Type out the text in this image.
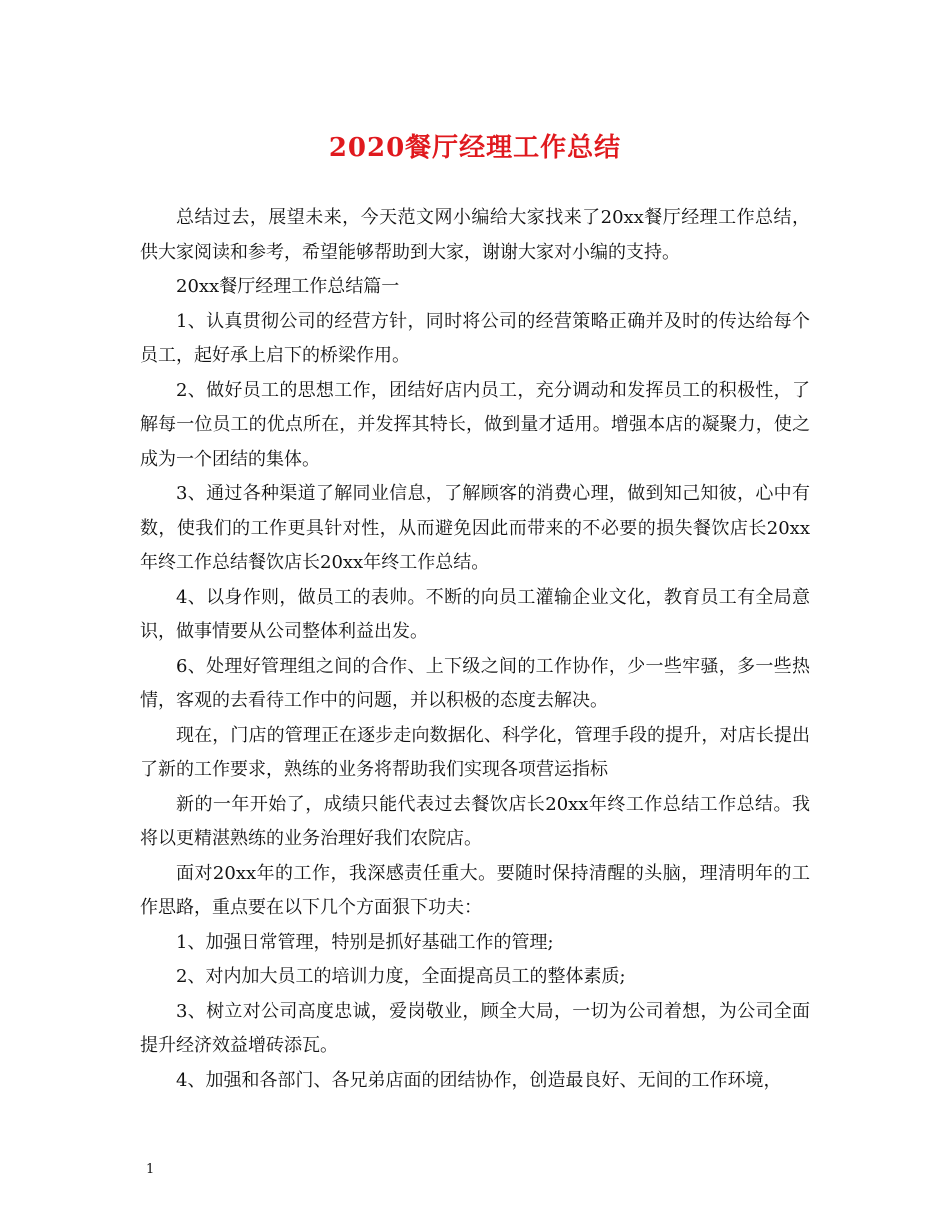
2020餐厅经理工作总结

总结过去，展望未来，今天范文网小编给大家找来了20xx餐厅经理工作总结，供大家阅读和参考，希望能够帮助到大家，谢谢大家对小编的支持。

20xx餐厅经理工作总结篇一

1、认真贯彻公司的经营方针，同时将公司的经营策略正确并及时的传达给每个员工，起好承上启下的桥梁作用。

2、做好员工的思想工作，团结好店内员工，充分调动和发挥员工的积极性，了解每一位员工的优点所在，并发挥其特长，做到量才适用。增强本店的凝聚力，使之成为一个团结的集体。

3、通过各种渠道了解同业信息，了解顾客的消费心理，做到知己知彼，心中有数，使我们的工作更具针对性，从而避免因此而带来的不必要的损失餐饮店长20xx年终工作总结餐饮店长20xx年终工作总结。

4、以身作则，做员工的表帅。不断的向员工灌输企业文化，教育员工有全局意识，做事情要从公司整体利益出发。

6、处理好管理组之间的合作、上下级之间的工作协作，少一些牢骚，多一些热情，客观的去看待工作中的问题，并以积极的态度去解决。

现在，门店的管理正在逐步走向数据化、科学化，管理手段的提升，对店长提出了新的工作要求，熟练的业务将帮助我们实现各项营运指标

新的一年开始了，成绩只能代表过去餐饮店长20xx年终工作总结工作总结。我将以更精湛熟练的业务治理好我们农院店。

面对20xx年的工作，我深感责任重大。要随时保持清醒的头脑，理清明年的工作思路，重点要在以下几个方面狠下功夫：

1、加强日常管理，特别是抓好基础工作的管理;

2、对内加大员工的培训力度，全面提高员工的整体素质;

3、树立对公司高度忠诚，爱岗敬业，顾全大局，一切为公司着想，为公司全面提升经济效益增砖添瓦。

4、加强和各部门、各兄弟店面的团结协作，创造最良好、无间的工作环境，

1
